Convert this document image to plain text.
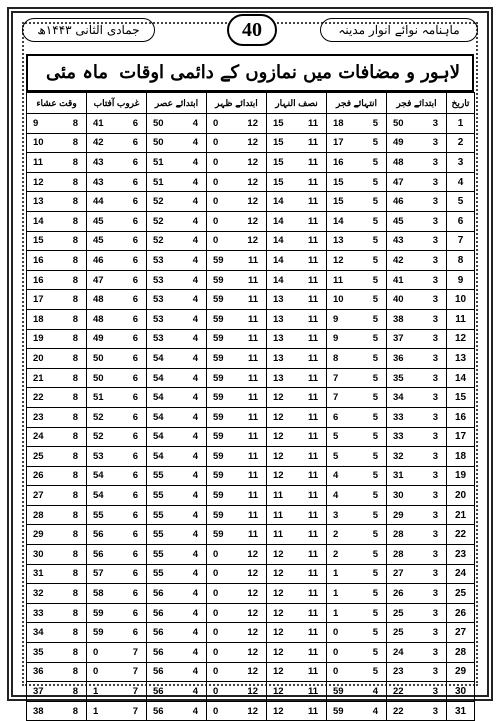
جمادی الثانی ۱۴۴۳ھ	40	ماہنامہ نوائے انوار مدینہ
لاہور و مضافات میں نمازوں کے دائمی اوقات
ماہ مئی
تاریخ	ابتدائے فجر	انتہائے فجر	نصف النہار	ابتدائے ظہر	ابتدائے عصر	غروب آفتاب	وقت عشاء
1	50 3	18 5	15 11	0 12	50 4	41 6	9 8

2	49 3	17 5	15 11	0 12	50 4	42 6	10 8

3	48 3	16 5	15 11	0 12	51 4	43 6	11 8

4	47 3	15 5	15 11	0 12	51 4	43 6	12 8

5	46 3	15 5	14 11	0 12	52 4	44 6	13 8

6	45 3	14 5	14 11	0 12	52 4	45 6	14 8

7	43 3	13 5	14 11	0 12	52 4	45 6	15 8

8	42 3	12 5	14 11	59 11	53 4	46 6	16 8

9	41 3	11 5	14 11	59 11	53 4	47 6	16 8

10	40 3	10 5	13 11	59 11	53 4	48 6	17 8

11	38 3	9 5	13 11	59 11	53 4	48 6	18 8

12	37 3	9 5	13 11	59 11	53 4	49 6	19 8

13	36 3	8 5	13 11	59 11	54 4	50 6	20 8

14	35 3	7 5	13 11	59 11	54 4	50 6	21 8

15	34 3	7 5	12 11	59 11	54 4	51 6	22 8

16	33 3	6 5	12 11	59 11	54 4	52 6	23 8

17	33 3	5 5	12 11	59 11	54 4	52 6	24 8

18	32 3	5 5	12 11	59 11	54 4	53 6	25 8

19	31 3	4 5	12 11	59 11	55 4	54 6	26 8

20	30 3	4 5	11 11	59 11	55 4	54 6	27 8

21	29 3	3 5	11 11	59 11	55 4	55 6	28 8

22	28 3	2 5	11 11	59 11	55 4	56 6	29 8

23	28 3	2 5	12 11	0 12	55 4	56 6	30 8

24	27 3	1 5	12 11	0 12	55 4	57 6	31 8

25	26 3	1 5	12 11	0 12	56 4	58 6	32 8

26	25 3	1 5	12 11	0 12	56 4	59 6	33 8

27	25 3	0 5	12 11	0 12	56 4	59 6	34 8

28	24 3	0 5	12 11	0 12	56 4	0 7	35 8

29	23 3	0 5	12 11	0 12	56 4	0 7	36 8

30	22 3	59 4	12 11	0 12	56 4	1 7	37 8

31	22 3	59 4	12 11	0 12	56 4	1 7	38 8
